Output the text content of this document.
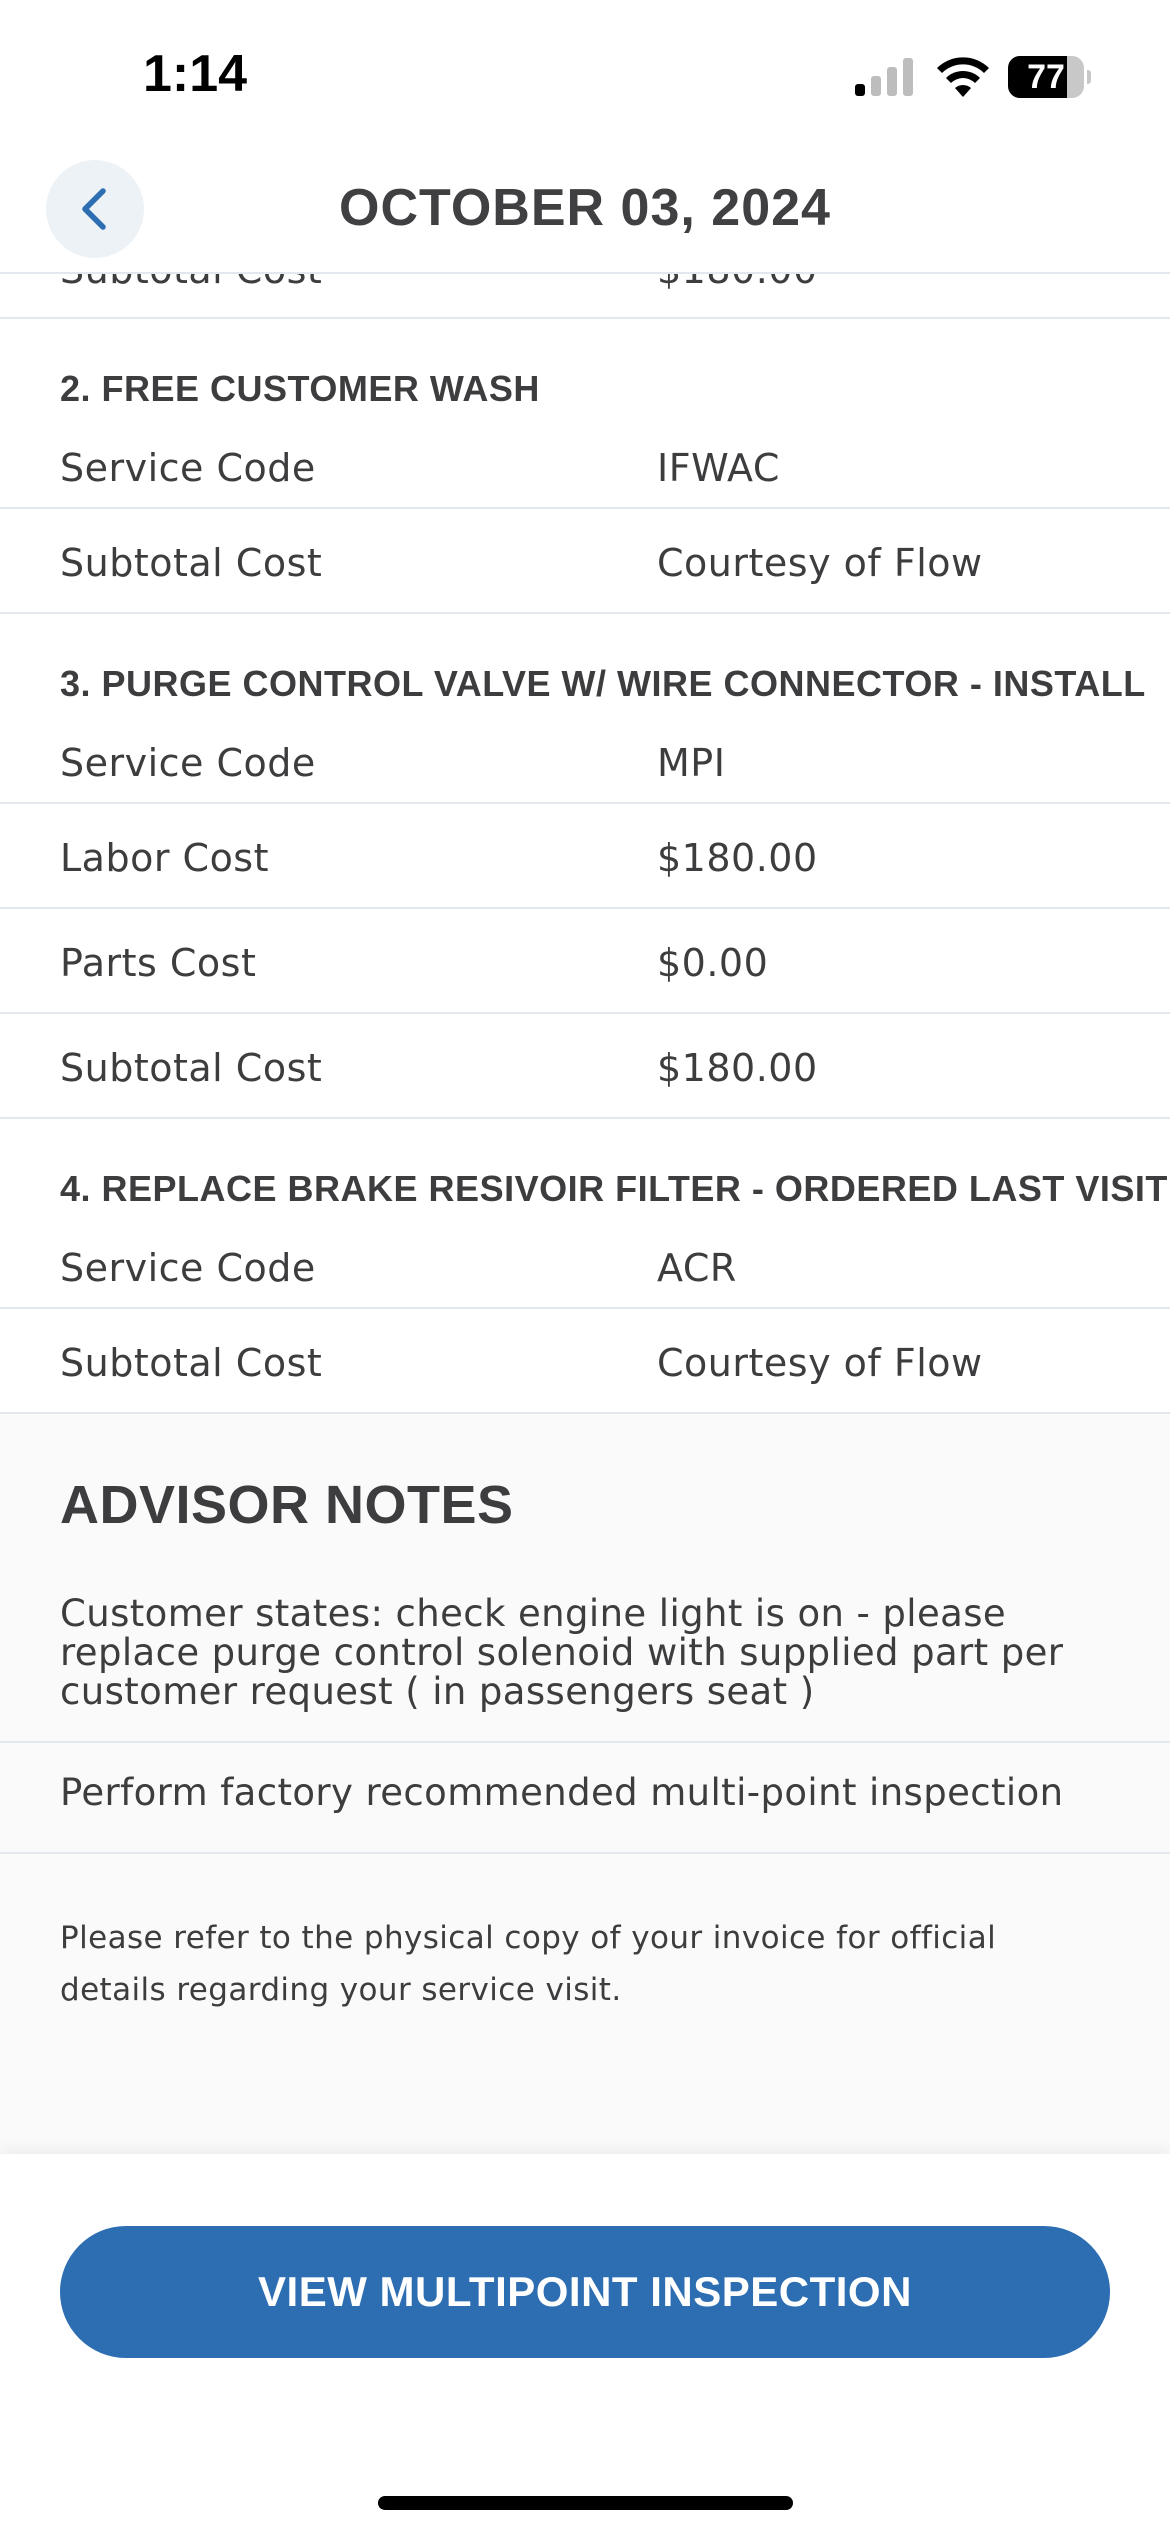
1:14	77
OCTOBER 03, 2024
2. FREE CUSTOMER WASH
Service Code	IFWAC
Subtotal Cost	Courtesy of Flow
3. PURGE CONTROL VALVE W/ WIRE CONNECTOR - INSTALL
Service Code	MPI
Labor Cost	$180.00
Parts Cost	$0.00
Subtotal Cost	$180.00
4. REPLACE BRAKE RESIVOIR FILTER - ORDERED LAST VISIT
Service Code	ACR
Subtotal Cost	Courtesy of Flow
ADVISOR NOTES
Customer states: check engine light is on - please replace purge control solenoid with supplied part per customer request ( in passengers seat )
Perform factory recommended multi-point inspection
Please refer to the physical copy of your invoice for official details regarding your service visit.
VIEW MULTIPOINT INSPECTION
